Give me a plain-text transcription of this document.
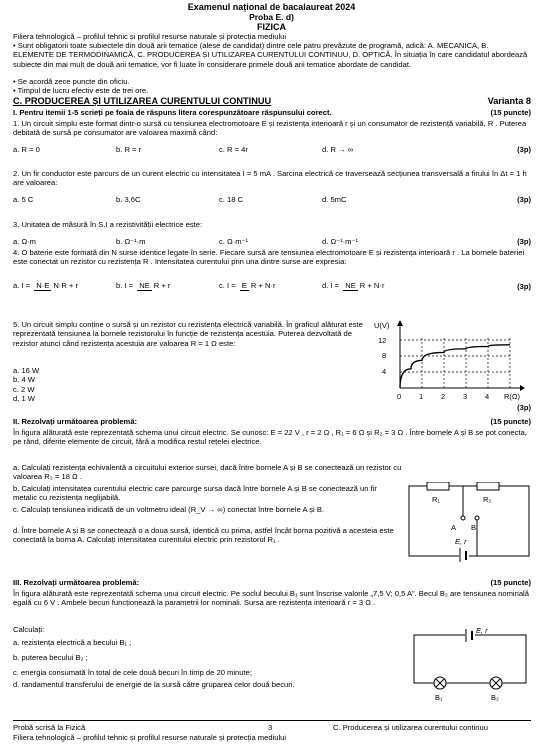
Examenul național de bacalaureat 2024
Proba E. d)
FIZICA
Filiera tehnologică – profilul tehnic și profilul resurse naturale și protecția mediului
• Sunt obligatorii toate subiectele din două arii tematice (alese de candidat) dintre cele patru prevăzute de programă, adică: A. MECANICA, B. ELEMENTE DE TERMODINAMICĂ, C. PRODUCEREA ȘI UTILIZAREA CURENTULUI CONTINUU, D. OPTICĂ. În situația în care candidatul abordează subiecte din mai mult de două arii tematice, vor fi luate în considerare primele două arii tematice abordate de candidat.
• Se acordă zece puncte din oficiu.
• Timpul de lucru efectiv este de trei ore.
C. PRODUCEREA ȘI UTILIZAREA CURENTULUI CONTINUU	Varianta 8
I. Pentru itemii 1-5 scrieți pe foaia de răspuns litera corespunzătoare răspunsului corect.	(15 puncte)
1. Un circuit simplu este format dintr-o sursă cu tensiunea electromotoare E și rezistența interioară r și un consumator de rezistență variabilă, R . Puterea debitată de sursă pe consumator are valoarea maximă când:
a. R = 0	b. R = r	c. R = 4r	d. R → ∞	(3p)
2. Un fir conductor este parcurs de un curent electric cu intensitatea I = 5 mA . Sarcina electrică ce traversează secțiunea transversală a firului în Δt = 1 h are valoarea:
a. 5 C	b. 3,6C	c. 18 C	d. 5mC	(3p)
3. Unitatea de măsură în S.I a rezistivității electrice este:
a. Ω·m	b. Ω⁻¹·m	c. Ω·m⁻¹	d. Ω⁻¹·m⁻¹	(3p)
4. O baterie este formată din N surse identice legate în serie. Fiecare sursă are tensiunea electromotoare E și rezistența interioară r . La bornele bateriei este conectat un rezistor cu rezistența R . Intensitatea curentului prin una dintre surse are expresia:
a. I = N·E N·R + r	b. I = NE R + r	c. I = E R + N·r	d. I = NE R + N·r	(3p)
5. Un circuit simplu conține o sursă și un rezistor cu rezistența electrică variabilă. În graficul alăturat este reprezentată tensiunea la bornele rezistorului în funcție de rezistența acestuia. Puterea dezvoltată de rezistor atunci când rezistența acestuia are valoarea R = 1 Ω este:
a. 16 W
b. 4 W
c. 2 W
d. 1 W
(3p)
U(V)
R(Ω)
12
8
4
0 1 2 3 4
II. Rezolvați următoarea problemă:	(15 puncte)
În figura alăturată este reprezentată schema unui circuit electric. Se cunosc: E = 22 V , r = 2 Ω , R₁ = 6 Ω și R₂ = 3 Ω . Între bornele A și B se pot conecta, pe rând, diferite elemente de circuit, fără a modifica restul rețelei electrice.
a. Calculați rezistența echivalentă a circuitului exterior sursei, dacă între bornele A și B se conectează un rezistor cu valoarea R₃ = 18 Ω .
b. Calculați intensitatea curentului electric care parcurge sursa dacă între bornele A și B se conectează un fir metalic cu rezistența neglijabilă.
c. Calculați tensiunea indicată de un voltmetru ideal (R_V → ∞) conectat între bornele A și B.
d. Între bornele A și B se conectează o a doua sursă, identică cu prima, astfel încât borna pozitivă a acesteia este conectată la borna A. Calculați intensitatea curentului electric prin rezistorul R₁ .
R₁	R₂
A B
E, r
III. Rezolvați următoarea problemă:	(15 puncte)
În figura alăturată este reprezentată schema unui circuit electric. Pe soclul becului B₁ sunt înscrise valorile „7,5 V; 0,5 A”. Becul B₂ are tensiunea nominală egală cu 6 V . Ambele becuri funcționează la parametrii lor nominali. Sursa are rezistența interioară r = 3 Ω .
Calculați:
a. rezistența electrică a becului B₁ ;
b. puterea becului B₂ ;
c. energia consumată în total de cele două becuri în timp de 20 minute;
d. randamentul transferului de energie de la sursă către gruparea celor două becuri.
E, r
B₁	B₂
Probă scrisă la Fizică	3	C. Producerea și utilizarea curentului continuu
Filiera tehnologică – profilul tehnic și profilul resurse naturale și protecția mediului
